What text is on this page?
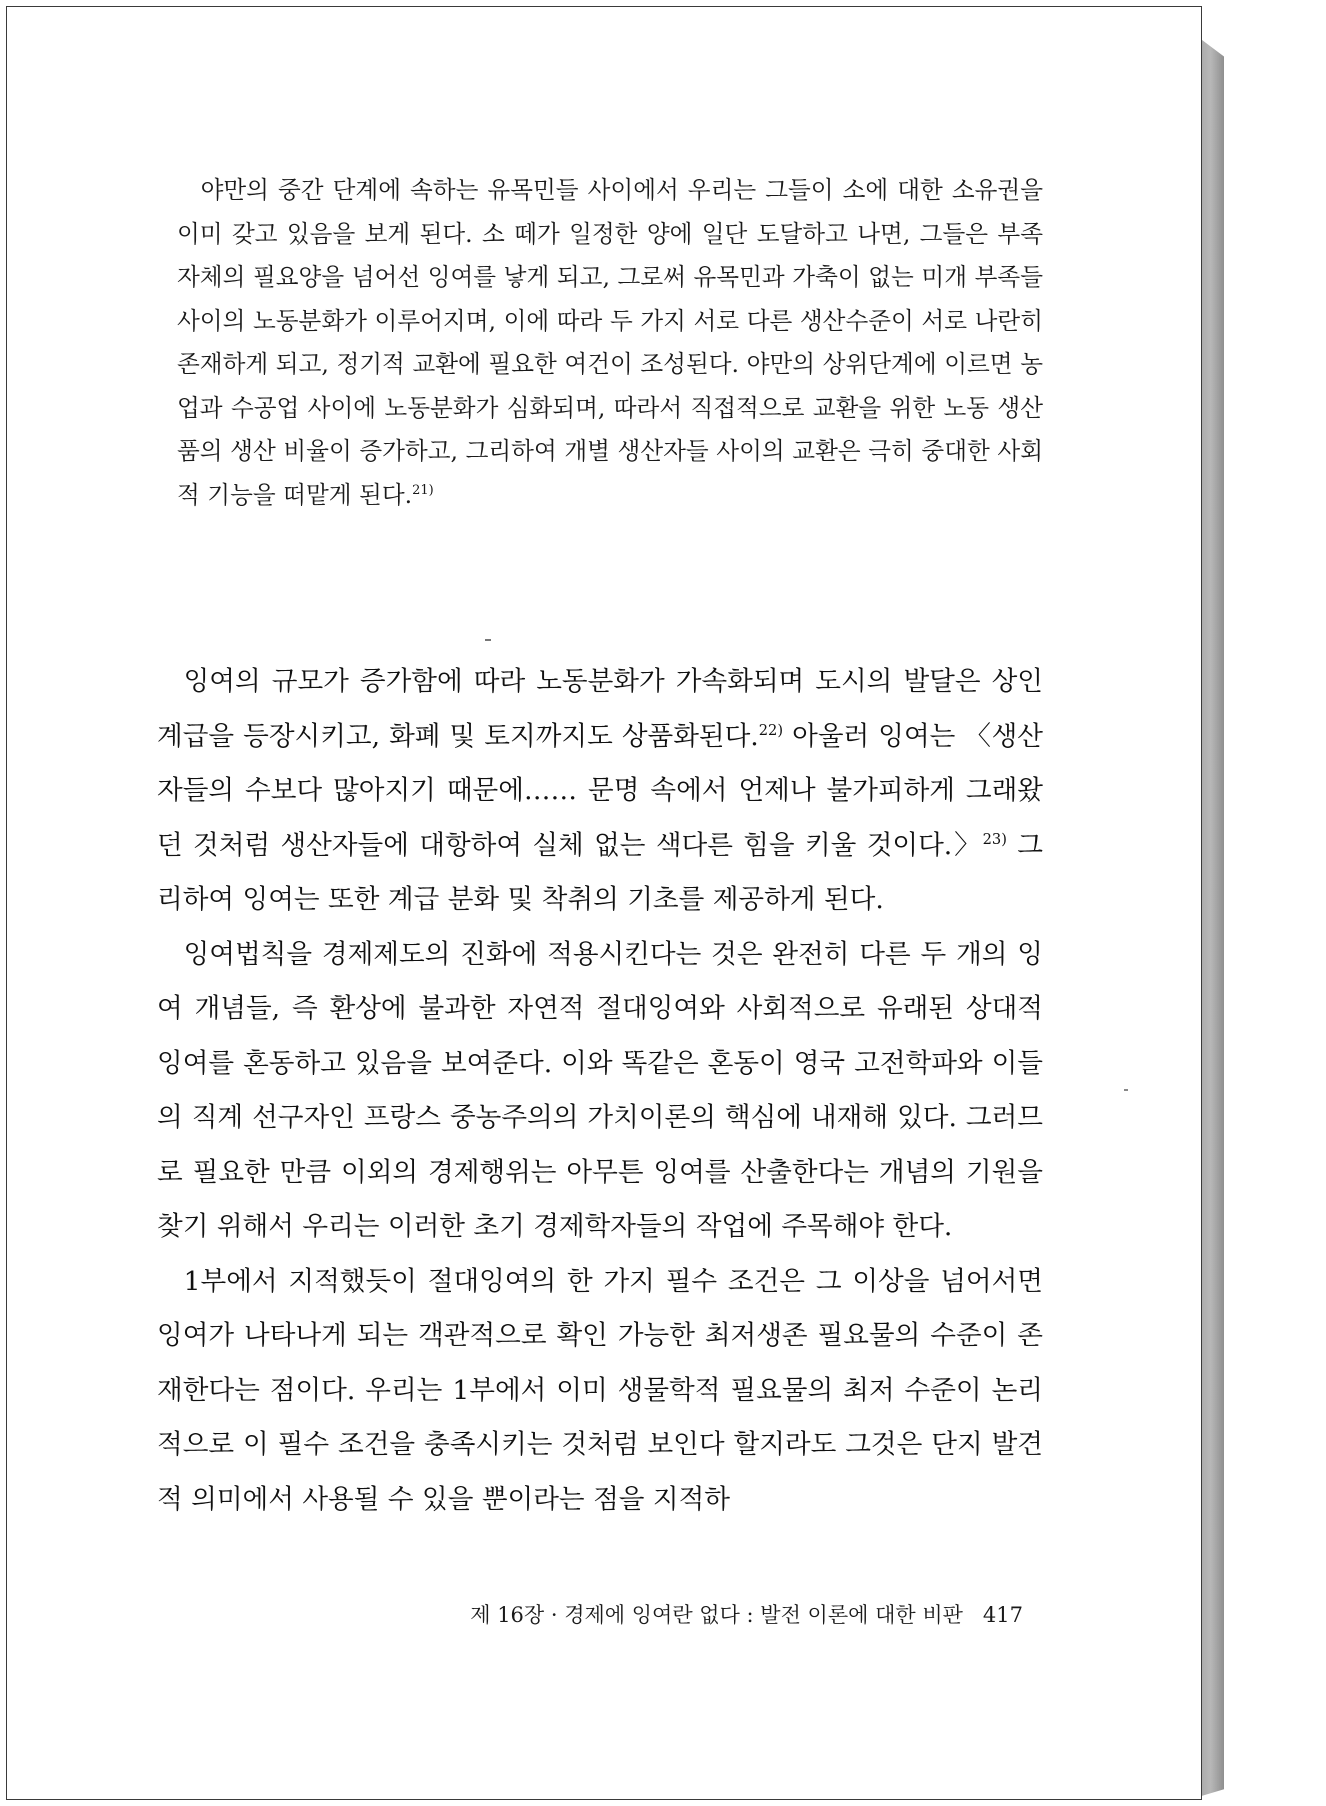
야만의 중간 단계에 속하는 유목민들 사이에서 우리는 그들이 소에 대한 소유권을 이미 갖고 있음을 보게 된다. 소 떼가 일정한 양에 일단 도달하고 나면, 그들은 부족 자체의 필요양을 넘어선 잉여를 낳게 되고, 그로써 유목민과 가축이 없는 미개 부족들 사이의 노동분화가 이루어지며, 이에 따라 두 가지 서로 다른 생산수준이 서로 나란히 존재하게 되고, 정기적 교환에 필요한 여건이 조성된다. 야만의 상위단계에 이르면 농업과 수공업 사이에 노동분화가 심화되며, 따라서 직접적으로 교환을 위한 노동 생산품의 생산 비율이 증가하고, 그리하여 개별 생산자들 사이의 교환은 극히 중대한 사회적 기능을 떠맡게 된다.$^{21)}$

잉여의 규모가 증가함에 따라 노동분화가 가속화되며 도시의 발달은 상인계급을 등장시키고, 화폐 및 토지까지도 상품화된다.$^{22)}$ 아울러 잉여는 〈생산자들의 수보다 많아지기 때문에…… 문명 속에서 언제나 불가피하게 그래왔던 것처럼 생산자들에 대항하여 실체 없는 색다른 힘을 키울 것이다.〉$^{23)}$ 그리하여 잉여는 또한 계급 분화 및 착취의 기초를 제공하게 된다.

잉여법칙을 경제제도의 진화에 적용시킨다는 것은 완전히 다른 두 개의 잉여 개념들, 즉 환상에 불과한 자연적 절대잉여와 사회적으로 유래된 상대적 잉여를 혼동하고 있음을 보여준다. 이와 똑같은 혼동이 영국 고전학파와 이들의 직계 선구자인 프랑스 중농주의의 가치이론의 핵심에 내재해 있다. 그러므로 필요한 만큼 이외의 경제행위는 아무튼 잉여를 산출한다는 개념의 기원을 찾기 위해서 우리는 이러한 초기 경제학자들의 작업에 주목해야 한다.

1부에서 지적했듯이 절대잉여의 한 가지 필수 조건은 그 이상을 넘어서면 잉여가 나타나게 되는 객관적으로 확인 가능한 최저생존 필요물의 수준이 존재한다는 점이다. 우리는 1부에서 이미 생물학적 필요물의 최저 수준이 논리적으로 이 필수 조건을 충족시키는 것처럼 보인다 할지라도 그것은 단지 발견적 의미에서 사용될 수 있을 뿐이라는 점을 지적하

제 16장 · 경제에 잉여란 없다 : 발전 이론에 대한 비판 417
